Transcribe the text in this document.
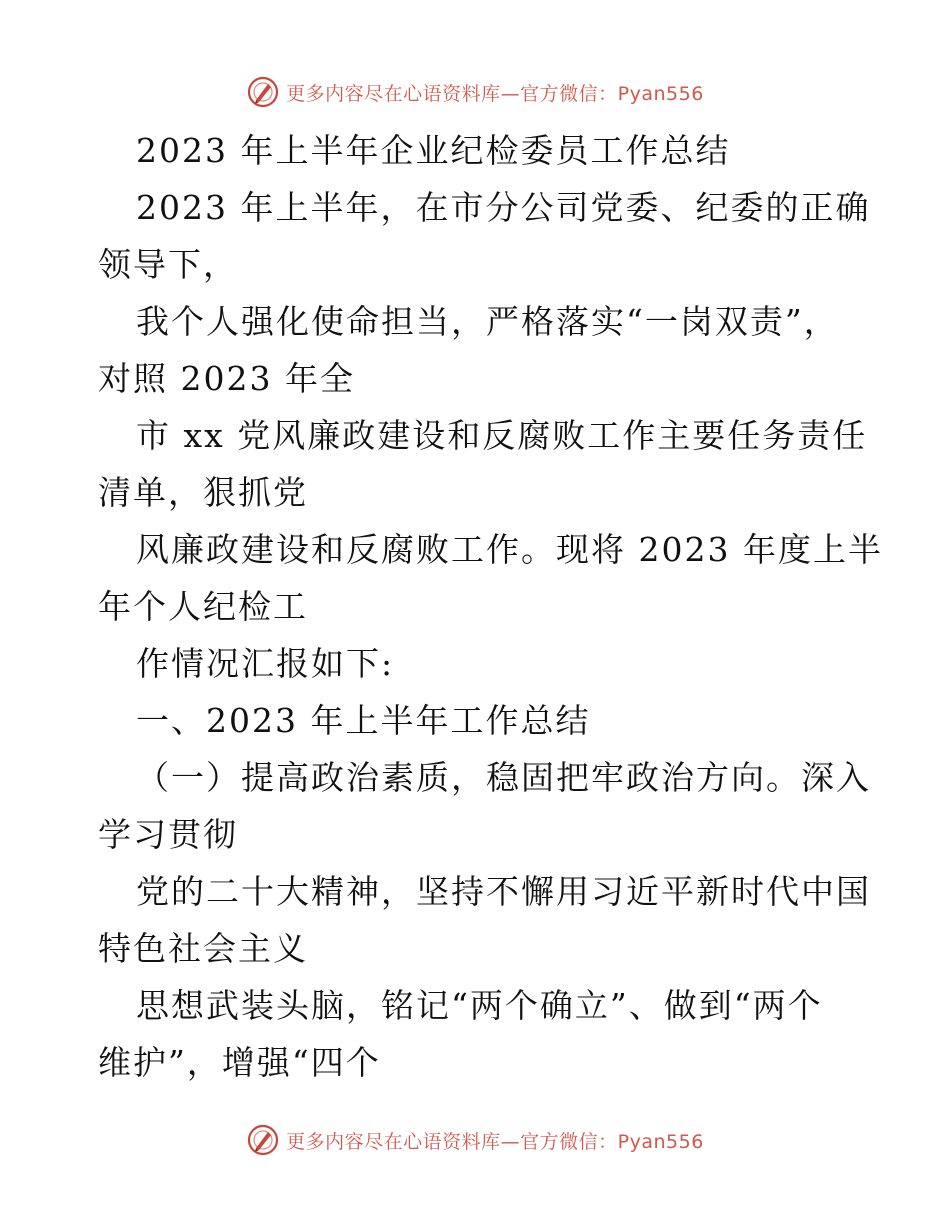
更多内容尽在心语资料库—官方微信：Pyan556

2023 年上半年企业纪检委员工作总结

2023 年上半年，在市分公司党委、纪委的正确

领导下，

我个人强化使命担当，严格落实“一岗双责”，

对照 2023 年全

市 xx 党风廉政建设和反腐败工作主要任务责任

清单，狠抓党

风廉政建设和反腐败工作。现将 2023 年度上半

年个人纪检工

作情况汇报如下:

一、2023 年上半年工作总结

（一）提高政治素质，稳固把牢政治方向。深入

学习贯彻

党的二十大精神，坚持不懈用习近平新时代中国

特色社会主义

思想武装头脑，铭记“两个确立”、做到“两个

维护”，增强“四个

更多内容尽在心语资料库—官方微信：Pyan556
